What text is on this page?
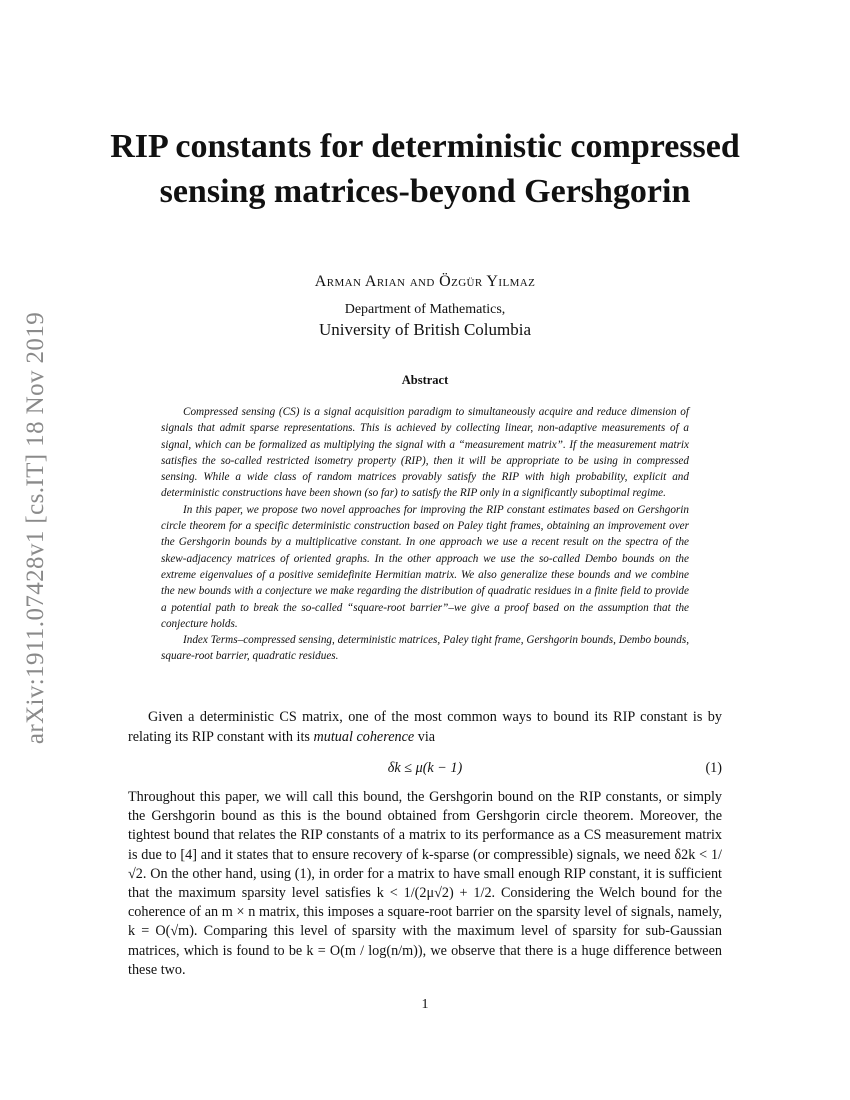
arXiv:1911.07428v1 [cs.IT] 18 Nov 2019
RIP constants for deterministic compressed sensing matrices-beyond Gershgorin
Arman Arian and Özgür Yilmaz
Department of Mathematics,
University of British Columbia
Abstract

Compressed sensing (CS) is a signal acquisition paradigm to simultaneously acquire and reduce dimension of signals that admit sparse representations. This is achieved by collecting linear, non-adaptive measurements of a signal, which can be formalized as multiplying the signal with a “measurement matrix”. If the measurement matrix satisfies the so-called restricted isometry property (RIP), then it will be appropriate to be using in compressed sensing. While a wide class of random matrices provably satisfy the RIP with high probability, explicit and deterministic constructions have been shown (so far) to satisfy the RIP only in a significantly suboptimal regime.

In this paper, we propose two novel approaches for improving the RIP constant estimates based on Gershgorin circle theorem for a specific deterministic construction based on Paley tight frames, obtaining an improvement over the Gershgorin bounds by a multiplicative constant. In one approach we use a recent result on the spectra of the skew-adjacency matrices of oriented graphs. In the other approach we use the so-called Dembo bounds on the extreme eigenvalues of a positive semidefinite Hermitian matrix. We also generalize these bounds and we combine the new bounds with a conjecture we make regarding the distribution of quadratic residues in a finite field to provide a potential path to break the so-called “square-root barrier”–we give a proof based on the assumption that the conjecture holds.

Index Terms–compressed sensing, deterministic matrices, Paley tight frame, Gershgorin bounds, Dembo bounds, square-root barrier, quadratic residues.

Given a deterministic CS matrix, one of the most common ways to bound its RIP constant is by relating its RIP constant with its mutual coherence via

δk ≤ μ(k − 1)	(1)

Throughout this paper, we will call this bound, the Gershgorin bound on the RIP constants, or simply the Gershgorin bound as this is the bound obtained from Gershgorin circle theorem. Moreover, the tightest bound that relates the RIP constants of a matrix to its performance as a CS measurement matrix is due to [4] and it states that to ensure recovery of k-sparse (or compressible) signals, we need δ2k < 1/√2. On the other hand, using (1), in order for a matrix to have small enough RIP constant, it is sufficient that the maximum sparsity level satisfies k < 1/(2μ√2) + 1/2. Considering the Welch bound for the coherence of an m × n matrix, this imposes a square-root barrier on the sparsity level of signals, namely, k = O(√m). Comparing this level of sparsity with the maximum level of sparsity for sub-Gaussian matrices, which is found to be k = O(m / log(n/m)), we observe that there is a huge difference between these two.

1
